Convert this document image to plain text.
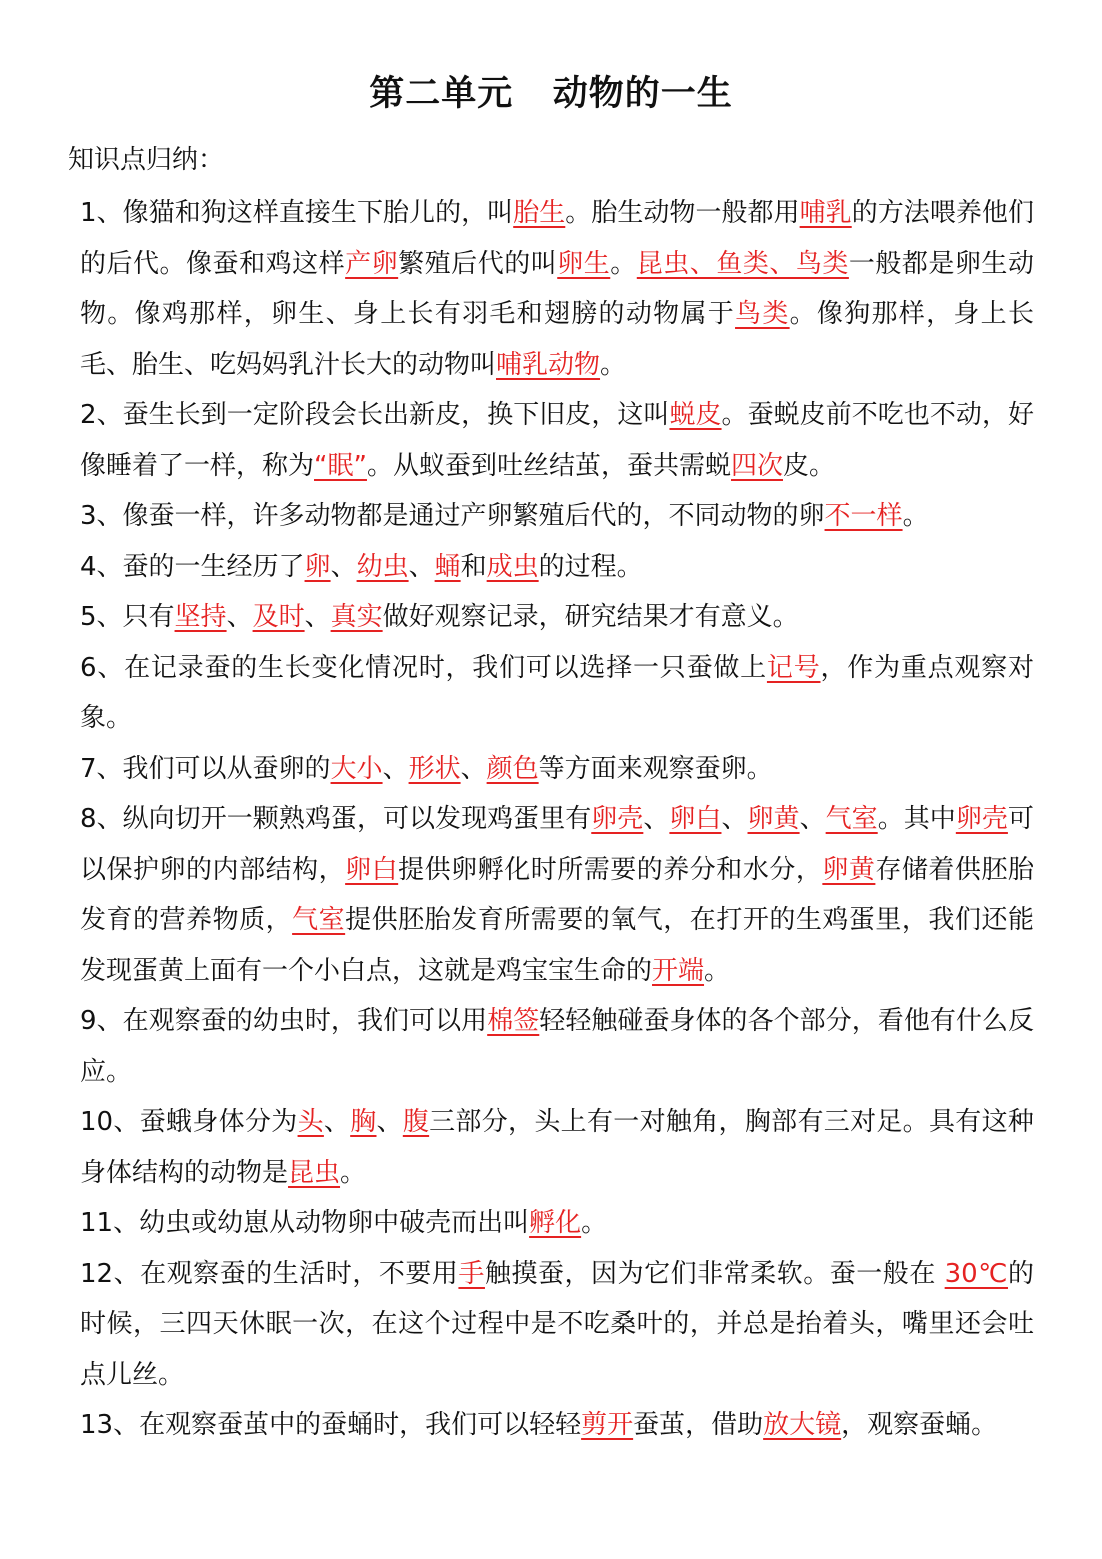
第二单元   动物的一生
知识点归纳：

1、像猫和狗这样直接生下胎儿的，叫胎生。胎生动物一般都用哺乳的方法喂养他们的后代。像蚕和鸡这样产卵繁殖后代的叫卵生。昆虫、鱼类、鸟类一般都是卵生动物。像鸡那样，卵生、身上长有羽毛和翅膀的动物属于鸟类。像狗那样，身上长毛、胎生、吃妈妈乳汁长大的动物叫哺乳动物。

2、蚕生长到一定阶段会长出新皮，换下旧皮，这叫蜕皮。蚕蜕皮前不吃也不动，好像睡着了一样，称为“眠”。从蚁蚕到吐丝结茧，蚕共需蜕四次皮。

3、像蚕一样，许多动物都是通过产卵繁殖后代的，不同动物的卵不一样。

4、蚕的一生经历了卵、幼虫、蛹和成虫的过程。

5、只有坚持、及时、真实做好观察记录，研究结果才有意义。

6、在记录蚕的生长变化情况时，我们可以选择一只蚕做上记号，作为重点观察对象。

7、我们可以从蚕卵的大小、形状、颜色等方面来观察蚕卵。

8、纵向切开一颗熟鸡蛋，可以发现鸡蛋里有卵壳、卵白、卵黄、气室。其中卵壳可以保护卵的内部结构，卵白提供卵孵化时所需要的养分和水分，卵黄存储着供胚胎发育的营养物质，气室提供胚胎发育所需要的氧气，在打开的生鸡蛋里，我们还能发现蛋黄上面有一个小白点，这就是鸡宝宝生命的开端。

9、在观察蚕的幼虫时，我们可以用棉签轻轻触碰蚕身体的各个部分，看他有什么反应。

10、蚕蛾身体分为头、胸、腹三部分，头上有一对触角，胸部有三对足。具有这种身体结构的动物是昆虫。

11、幼虫或幼崽从动物卵中破壳而出叫孵化。

12、在观察蚕的生活时，不要用手触摸蚕，因为它们非常柔软。蚕一般在 30℃的时候，三四天休眠一次，在这个过程中是不吃桑叶的，并总是抬着头，嘴里还会吐点儿丝。

13、在观察蚕茧中的蚕蛹时，我们可以轻轻剪开蚕茧，借助放大镜，观察蚕蛹。
